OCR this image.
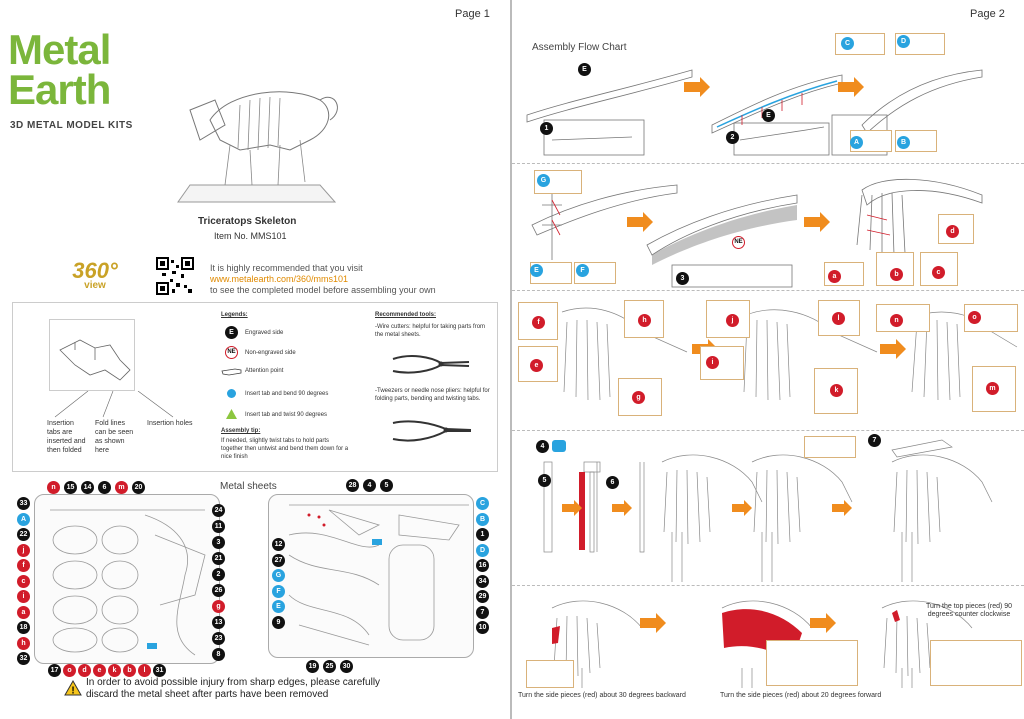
Page 1
Metal
Earth
3D METAL MODEL KITS
Triceratops Skeleton
Item No. MMS101
360°
view
It is highly recommended that you visit
www.metalearth.com/360/mms101
to see the completed model before assembling your own
Insertion tabs are inserted and then folded
Fold lines can be seen as shown here
Insertion holes
Legends:
E	Engraved side
NE	Non-engraved side
Attention point
Insert tab and bend 90 degrees
Insert tab and twist 90 degrees
Assembly tip:
If needed, slightly twist tabs to hold parts together then untwist and bend them down for a nice finish
Recommended tools:
-Wire cutters: helpful for taking parts from the metal sheets.
-Tweezers or needle nose pliers: helpful for folding parts, bending and twisting tabs.
Metal sheets
33
A
22
j
f
c
i
a
18
h
32
n	15	14	6	m	20
24
11
3
21
2
26
g
13
23
8
17	o	d	e	k	b	l	31
12
27
G
F
E
9
28	4	5
C
B
1
D
16
34
29
7
10
19	25	30
!
In order to avoid possible injury from sharp edges, please carefully discard the metal sheet after parts have been removed
Page 2
Assembly Flow Chart
E
E
1
2
C	D
A	B
G
E	F
NE
3
d
a	b	c
f	h
e
g
j
i
k
l	n	o
m
4
5	6
7
Turn the side pieces (red) about 30 degrees backward	Turn the side pieces (red) about 20 degrees forward
Turn the top pieces (red) 90 degrees counter clockwise
